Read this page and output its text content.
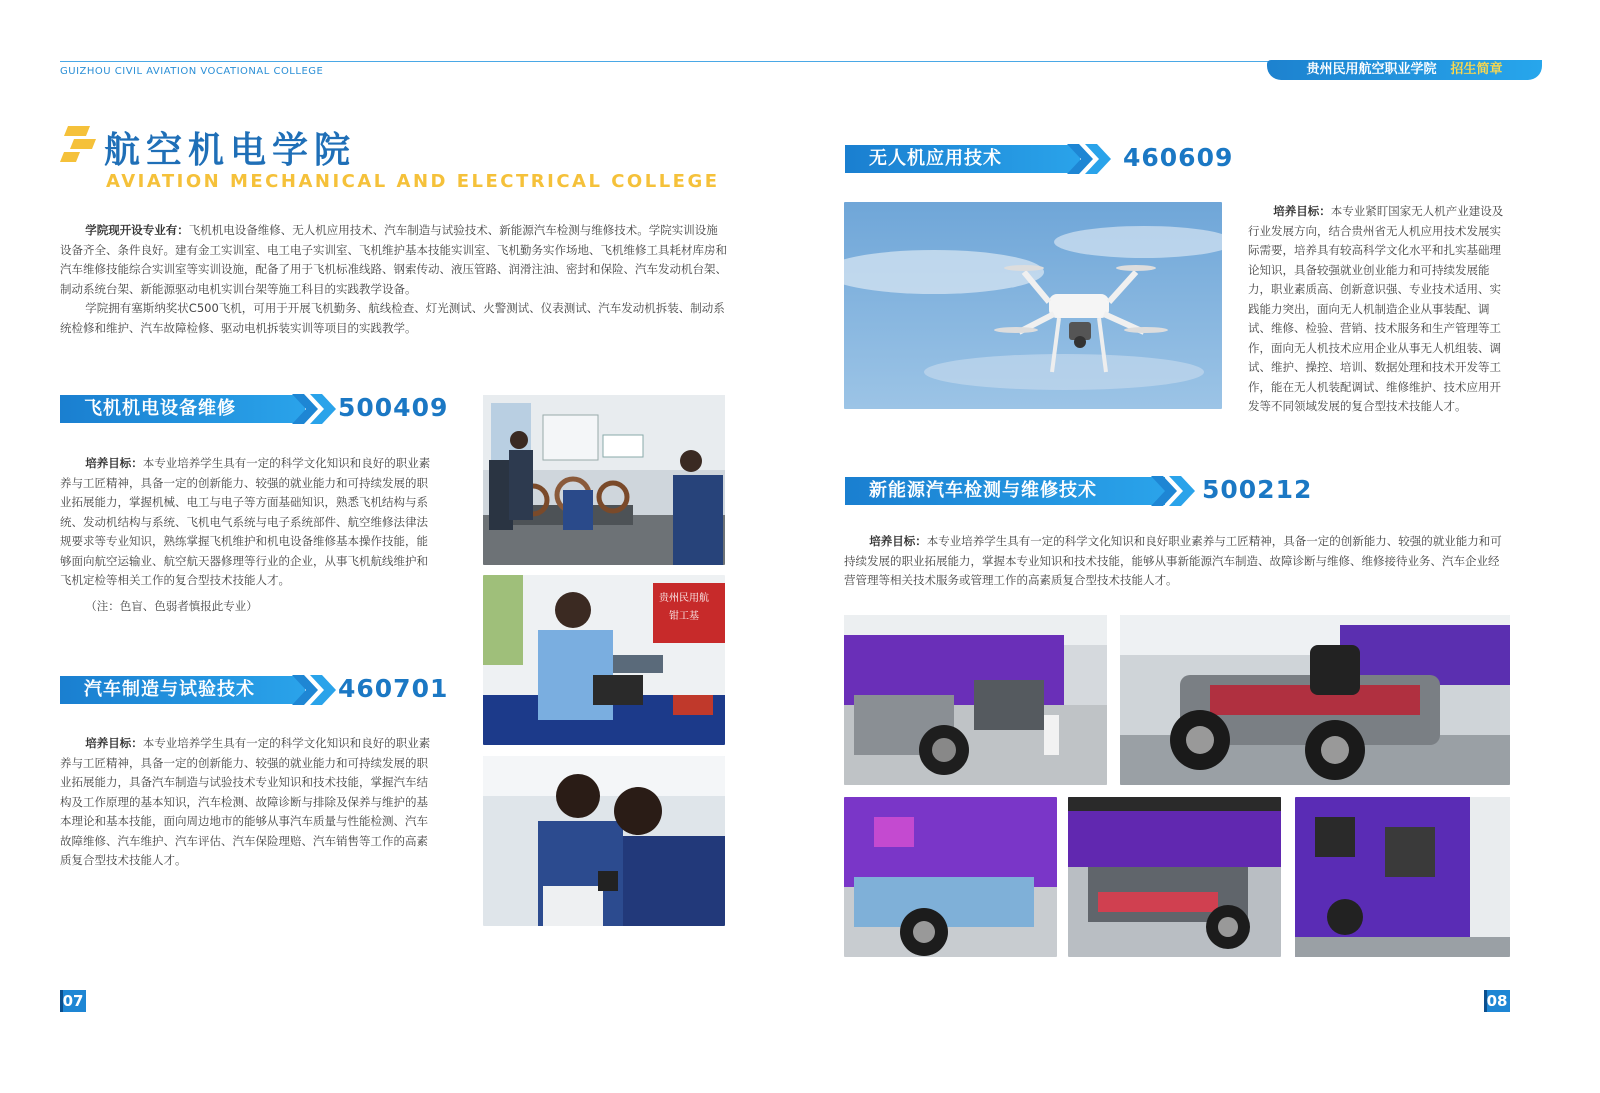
GUIZHOU CIVIL AVIATION VOCATIONAL COLLEGE	贵州民用航空职业学院 招生简章
航空机电学院
AVIATION MECHANICAL AND ELECTRICAL COLLEGE

学院现开设专业有：飞机机电设备维修、无人机应用技术、汽车制造与试验技术、新能源汽车检测与维修技术。学院实训设施设备齐全、条件良好。建有金工实训室、电工电子实训室、飞机维护基本技能实训室、飞机勤务实作场地、飞机维修工具耗材库房和汽车维修技能综合实训室等实训设施，配备了用于飞机标准线路、钢索传动、液压管路、润滑注油、密封和保险、汽车发动机台架、制动系统台架、新能源驱动电机实训台架等施工科目的实践教学设备。

学院拥有塞斯纳奖状C500飞机，可用于开展飞机勤务、航线检查、灯光测试、火警测试、仪表测试、汽车发动机拆装、制动系统检修和维护、汽车故障检修、驱动电机拆装实训等项目的实践教学。

飞机机电设备维修	500409

培养目标：本专业培养学生具有一定的科学文化知识和良好的职业素养与工匠精神，具备一定的创新能力、较强的就业能力和可持续发展的职业拓展能力，掌握机械、电工与电子等方面基础知识，熟悉飞机结构与系统、发动机结构与系统、飞机电气系统与电子系统部件、航空维修法律法规要求等专业知识，熟练掌握飞机维护和机电设备维修基本操作技能，能够面向航空运输业、航空航天器修理等行业的企业，从事飞机航线维护和飞机定检等相关工作的复合型技术技能人才。

（注：色盲、色弱者慎报此专业）

汽车制造与试验技术	460701

培养目标：本专业培养学生具有一定的科学文化知识和良好的职业素养与工匠精神，具备一定的创新能力、较强的就业能力和可持续发展的职业拓展能力，具备汽车制造与试验技术专业知识和技术技能，掌握汽车结构及工作原理的基本知识，汽车检测、故障诊断与排除及保养与维护的基本理论和基本技能，面向周边地市的能够从事汽车质量与性能检测、汽车故障维修、汽车维护、汽车评估、汽车保险理赔、汽车销售等工作的高素质复合型技术技能人才。

贵州民用航
钳工基
无人机应用技术	460609

培养目标：本专业紧盯国家无人机产业建设及行业发展方向，结合贵州省无人机应用技术发展实际需要，培养具有较高科学文化水平和扎实基础理论知识，具备较强就业创业能力和可持续发展能力，职业素质高、创新意识强、专业技术适用、实践能力突出，面向无人机制造企业从事装配、调试、维修、检验、营销、技术服务和生产管理等工作，面向无人机技术应用企业从事无人机组装、调试、维护、操控、培训、数据处理和技术开发等工作，能在无人机装配调试、维修维护、技术应用开发等不同领域发展的复合型技术技能人才。

新能源汽车检测与维修技术	500212

培养目标：本专业培养学生具有一定的科学文化知识和良好职业素养与工匠精神，具备一定的创新能力、较强的就业能力和可持续发展的职业拓展能力，掌握本专业知识和技术技能，能够从事新能源汽车制造、故障诊断与维修、维修接待业务、汽车企业经营管理等相关技术服务或管理工作的高素质复合型技术技能人才。

07	08
